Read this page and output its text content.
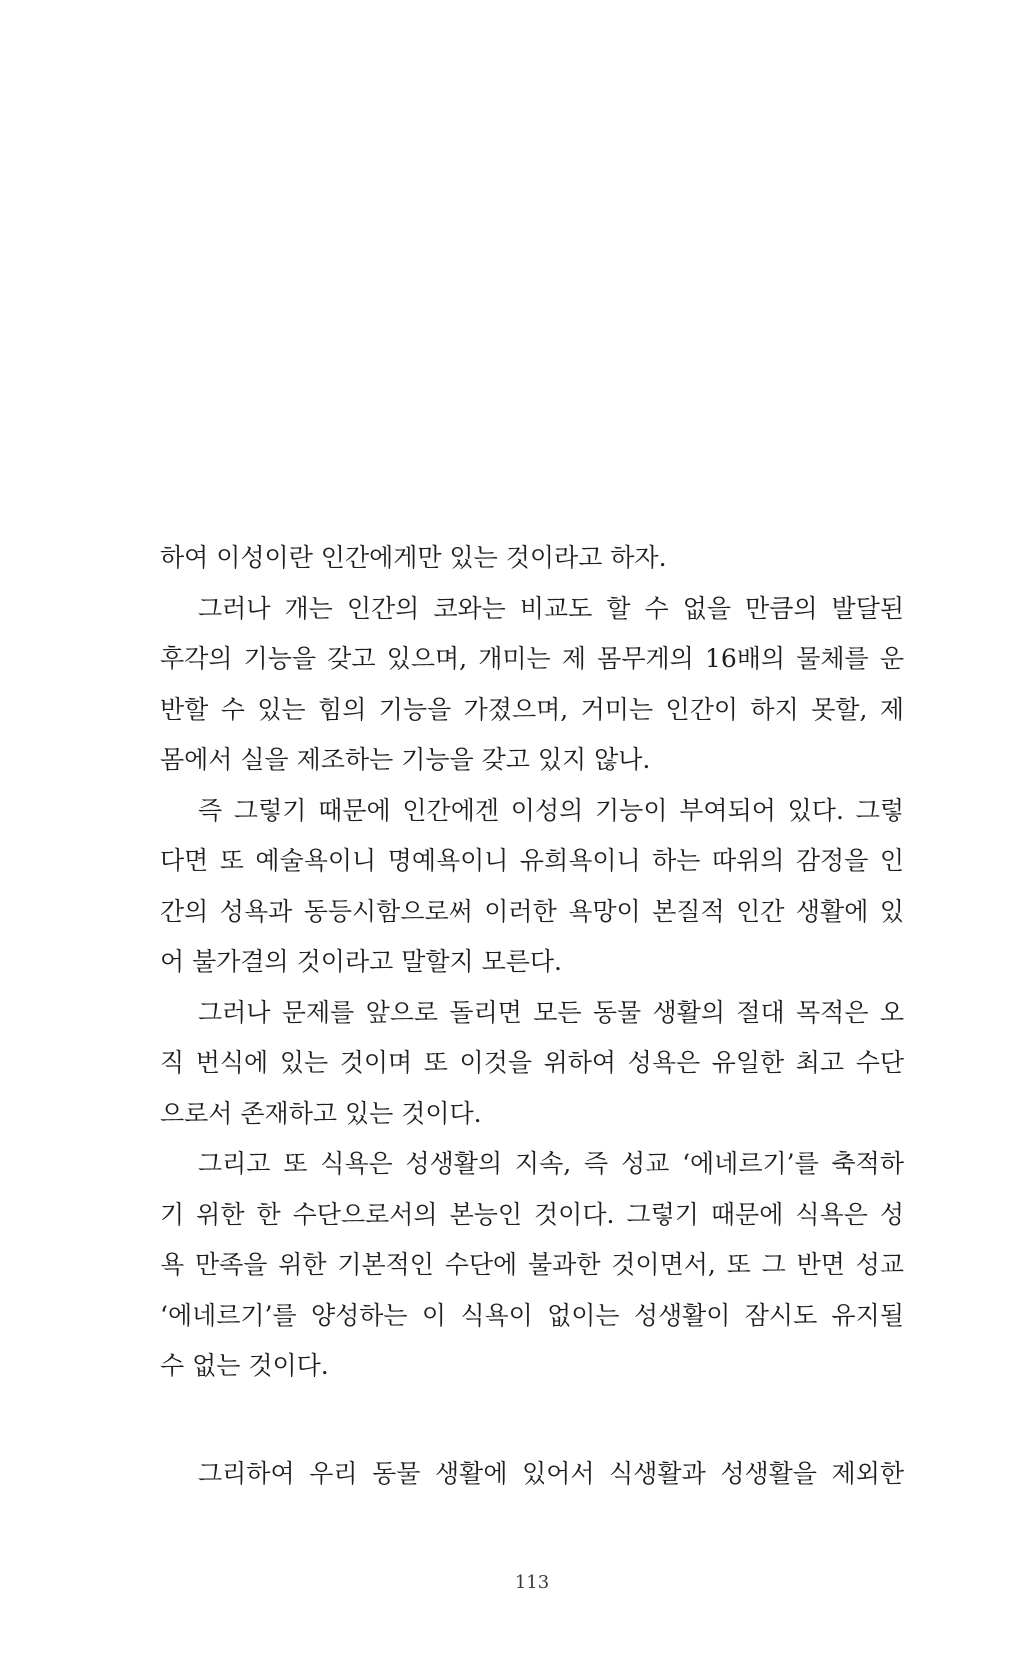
하여 이성이란 인간에게만 있는 것이라고 하자.
그러나 개는 인간의 코와는 비교도 할 수 없을 만큼의 발달된
후각의 기능을 갖고 있으며, 개미는 제 몸무게의 16배의 물체를 운
반할 수 있는 힘의 기능을 가졌으며, 거미는 인간이 하지 못할, 제
몸에서 실을 제조하는 기능을 갖고 있지 않나.
즉 그렇기 때문에 인간에겐 이성의 기능이 부여되어 있다. 그렇
다면 또 예술욕이니 명예욕이니 유희욕이니 하는 따위의 감정을 인
간의 성욕과 동등시함으로써 이러한 욕망이 본질적 인간 생활에 있
어 불가결의 것이라고 말할지 모른다.
그러나 문제를 앞으로 돌리면 모든 동물 생활의 절대 목적은 오
직 번식에 있는 것이며 또 이것을 위하여 성욕은 유일한 최고 수단
으로서 존재하고 있는 것이다.
그리고 또 식욕은 성생활의 지속, 즉 성교 ‘에네르기’를 축적하
기 위한 한 수단으로서의 본능인 것이다. 그렇기 때문에 식욕은 성
욕 만족을 위한 기본적인 수단에 불과한 것이면서, 또 그 반면 성교
‘에네르기’를 양성하는 이 식욕이 없이는 성생활이 잠시도 유지될
수 없는 것이다.
그리하여 우리 동물 생활에 있어서 식생활과 성생활을 제외한
113
